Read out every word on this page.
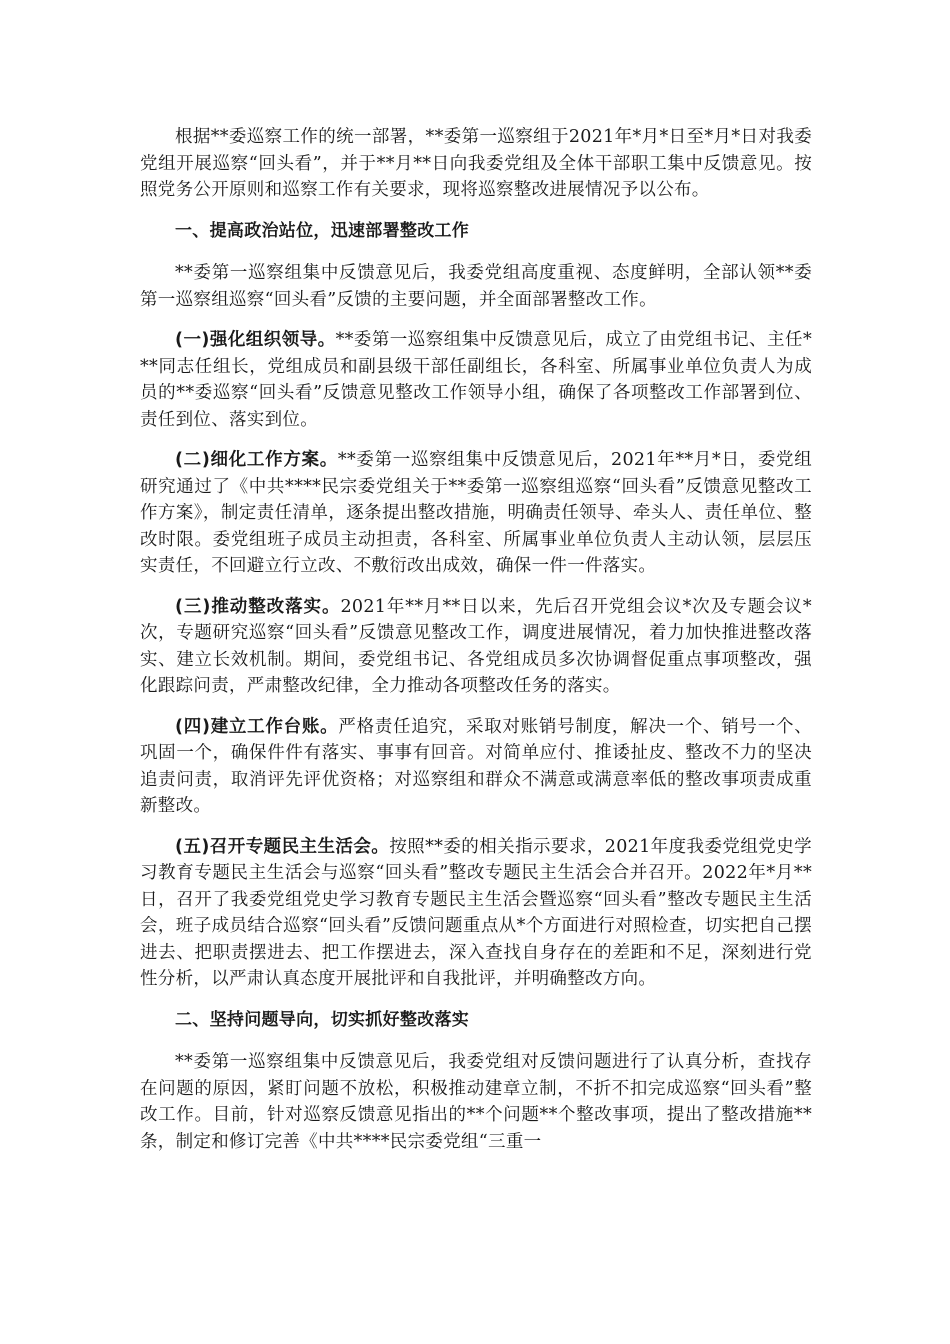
根据**委巡察工作的统一部署，**委第一巡察组于2021年*月*日至*月*日对我委党组开展巡察“回头看”，并于**月**日向我委党组及全体干部职工集中反馈意见。按照党务公开原则和巡察工作有关要求，现将巡察整改进展情况予以公布。

一、提高政治站位，迅速部署整改工作

**委第一巡察组集中反馈意见后，我委党组高度重视、态度鲜明，全部认领**委第一巡察组巡察“回头看”反馈的主要问题，并全面部署整改工作。

(一)强化组织领导。**委第一巡察组集中反馈意见后，成立了由党组书记、主任***同志任组长，党组成员和副县级干部任副组长，各科室、所属事业单位负责人为成员的**委巡察“回头看”反馈意见整改工作领导小组，确保了各项整改工作部署到位、责任到位、落实到位。

(二)细化工作方案。**委第一巡察组集中反馈意见后，2021年**月*日，委党组研究通过了《中共****民宗委党组关于**委第一巡察组巡察“回头看”反馈意见整改工作方案》，制定责任清单，逐条提出整改措施，明确责任领导、牵头人、责任单位、整改时限。委党组班子成员主动担责，各科室、所属事业单位负责人主动认领，层层压实责任，不回避立行立改、不敷衍改出成效，确保一件一件落实。

(三)推动整改落实。2021年**月**日以来，先后召开党组会议*次及专题会议*次，专题研究巡察“回头看”反馈意见整改工作，调度进展情况，着力加快推进整改落实、建立长效机制。期间，委党组书记、各党组成员多次协调督促重点事项整改，强化跟踪问责，严肃整改纪律，全力推动各项整改任务的落实。

(四)建立工作台账。严格责任追究，采取对账销号制度，解决一个、销号一个、巩固一个，确保件件有落实、事事有回音。对简单应付、推诿扯皮、整改不力的坚决追责问责，取消评先评优资格；对巡察组和群众不满意或满意率低的整改事项责成重新整改。

(五)召开专题民主生活会。按照**委的相关指示要求，2021年度我委党组党史学习教育专题民主生活会与巡察“回头看”整改专题民主生活会合并召开。2022年*月**日，召开了我委党组党史学习教育专题民主生活会暨巡察“回头看”整改专题民主生活会，班子成员结合巡察“回头看”反馈问题重点从*个方面进行对照检查，切实把自己摆进去、把职责摆进去、把工作摆进去，深入查找自身存在的差距和不足，深刻进行党性分析，以严肃认真态度开展批评和自我批评，并明确整改方向。

二、坚持问题导向，切实抓好整改落实

**委第一巡察组集中反馈意见后，我委党组对反馈问题进行了认真分析，查找存在问题的原因，紧盯问题不放松，积极推动建章立制，不折不扣完成巡察“回头看”整改工作。目前，针对巡察反馈意见指出的**个问题**个整改事项，提出了整改措施**条，制定和修订完善《中共****民宗委党组“三重一
